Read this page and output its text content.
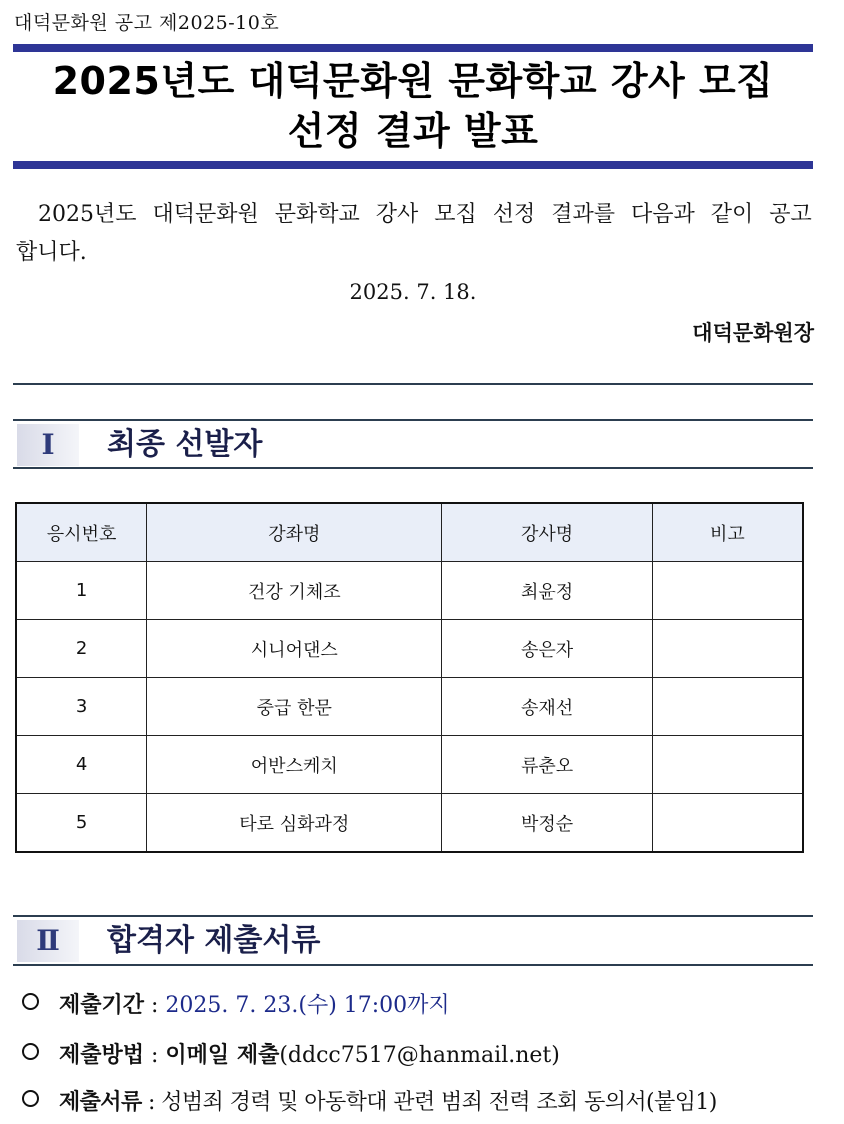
대덕문화원 공고 제2025-10호
2025년도 대덕문화원 문화학교 강사 모집
선정 결과 발표
2025년도 대덕문화원 문화학교 강사 모집 선정 결과를 다음과 같이 공고합니다.
2025. 7. 18.
대덕문화원장
Ⅰ	최종 선발자
응시번호	강좌명	강사명	비고
1	건강 기체조	최윤정	
2	시니어댄스	송은자	
3	중급 한문	송재선	
4	어반스케치	류춘오	
5	타로 심화과정	박정순	
Ⅱ	합격자 제출서류
제출기간 : 2025. 7. 23.(수) 17:00까지
제출방법 : 이메일 제출(ddcc7517@hanmail.net)
제출서류 : 성범죄 경력 및 아동학대 관련 범죄 전력 조회 동의서(붙임1)
